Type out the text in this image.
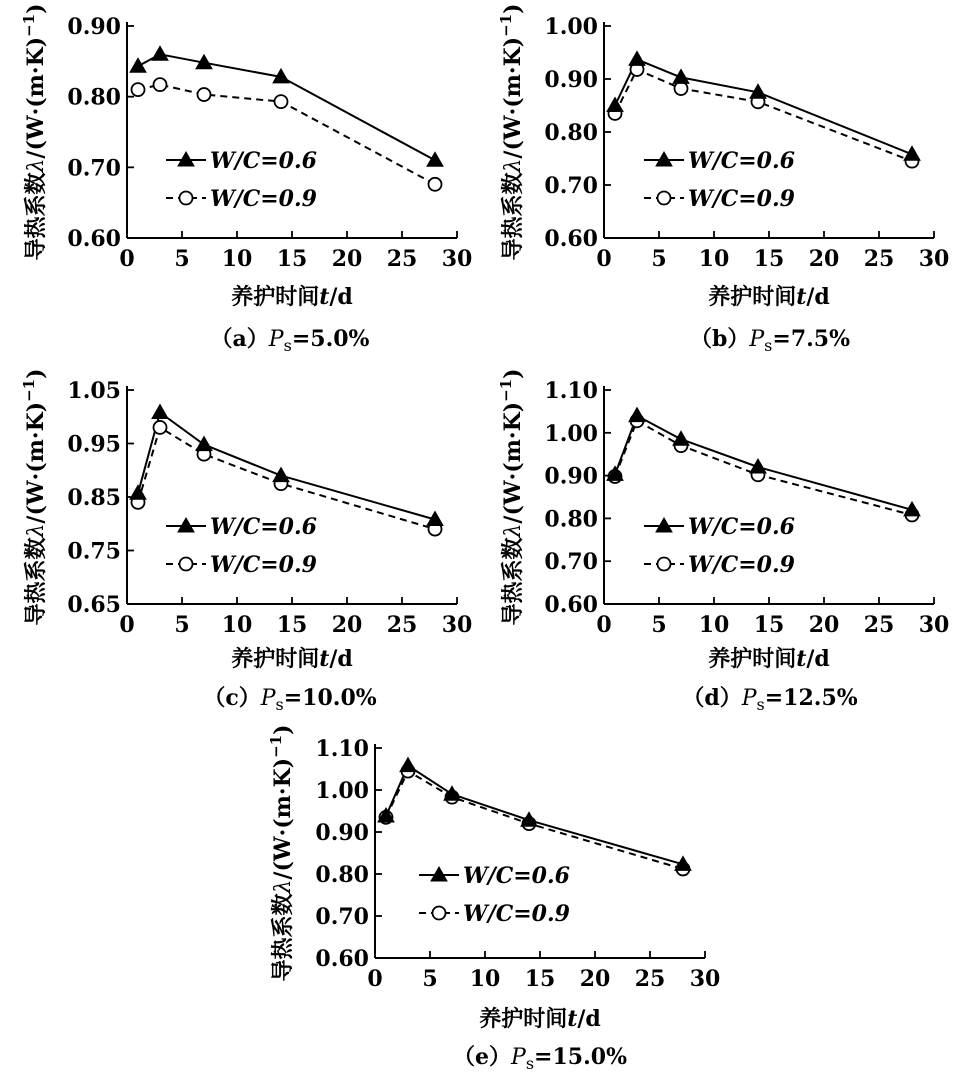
0.60
0.70
0.80
0.90
0 5 10 15 20 25 30
养护时间t/d
导热系数$\lambda/(W\cdot(m\cdot K)^{-1})$
W/C=0.6
W/C=0.9
$(a)P_s=5.0\%$
0.60
0.70
0.80
0.90
1.00
0 5 10 15 20 25 30
养护时间t/d
导热系数$\lambda/(W\cdot(m\cdot K)^{-1})$
W/C=0.6
W/C=0.9
$(b)P_s=7.5\%$
0.65
0.75
0.85
0.95
1.05
0 5 10 15 20 25 30
养护时间t/d
导热系数$\lambda/(W\cdot(m\cdot K)^{-1})$
W/C=0.6
W/C=0.9
$(c)P_s=10.0\%$
0.60
0.70
0.80
0.90
1.00
1.10
0 5 10 15 20 25 30
养护时间t/d
导热系数$\lambda/(W\cdot(m\cdot K)^{-1})$
W/C=0.6
W/C=0.9
$(d)P_s=12.5\%$
0.60
0.70
0.80
0.90
1.00
1.10
0 5 10 15 20 25 30
养护时间t/d
导热系数$\lambda/(W\cdot(m\cdot K)^{-1})$
W/C=0.6
W/C=0.9
$(e)P_s=15.0\%$
